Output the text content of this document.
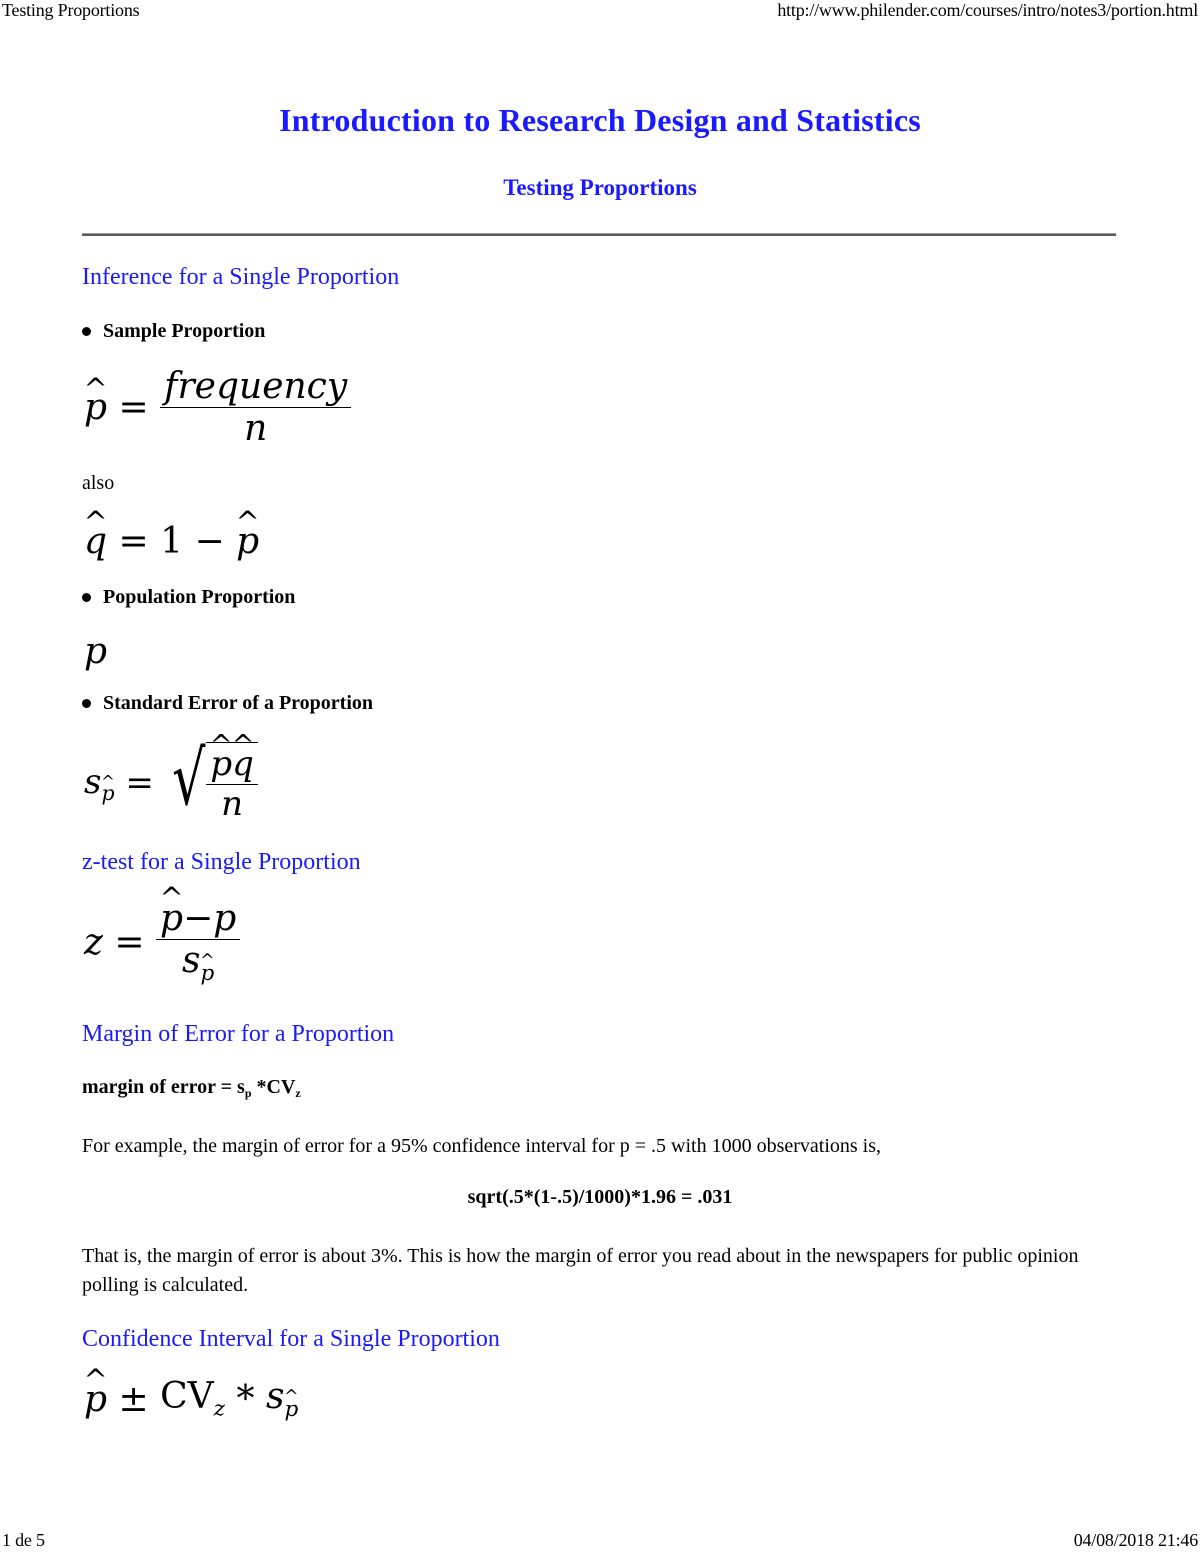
Testing Proportions	http://www.philender.com/courses/intro/notes3/portion.html
Introduction to Research Design and Statistics
Testing Proportions
Inference for a Single Proportion
Sample Proportion
^ $p = \frac{\text{frequency}}{n}$
also
^ q = 1 − ^ p
Population Proportion
p
Standard Error of a Proportion
s^ p = √ ^ $\frac{p\^{} q}{n}$
z-test for a Single Proportion
z = ^ $\frac{p-p}{s\^{} p}$
Margin of Error for a Proportion
margin of error = $s_p$ $*CV_z$

For example, the margin of error for a 95% confidence interval for p = .5 with 1000 observations is,

sqrt(.5*(1-.5)/1000)*1.96 = .031

That is, the margin of error is about 3%. This is how the margin of error you read about in the newspapers for public opinion polling is calculated.

Confidence Interval for a Single Proportion
^ $p \pm CV_z$ * s^ p
1 de 5	04/08/2018 21:46
